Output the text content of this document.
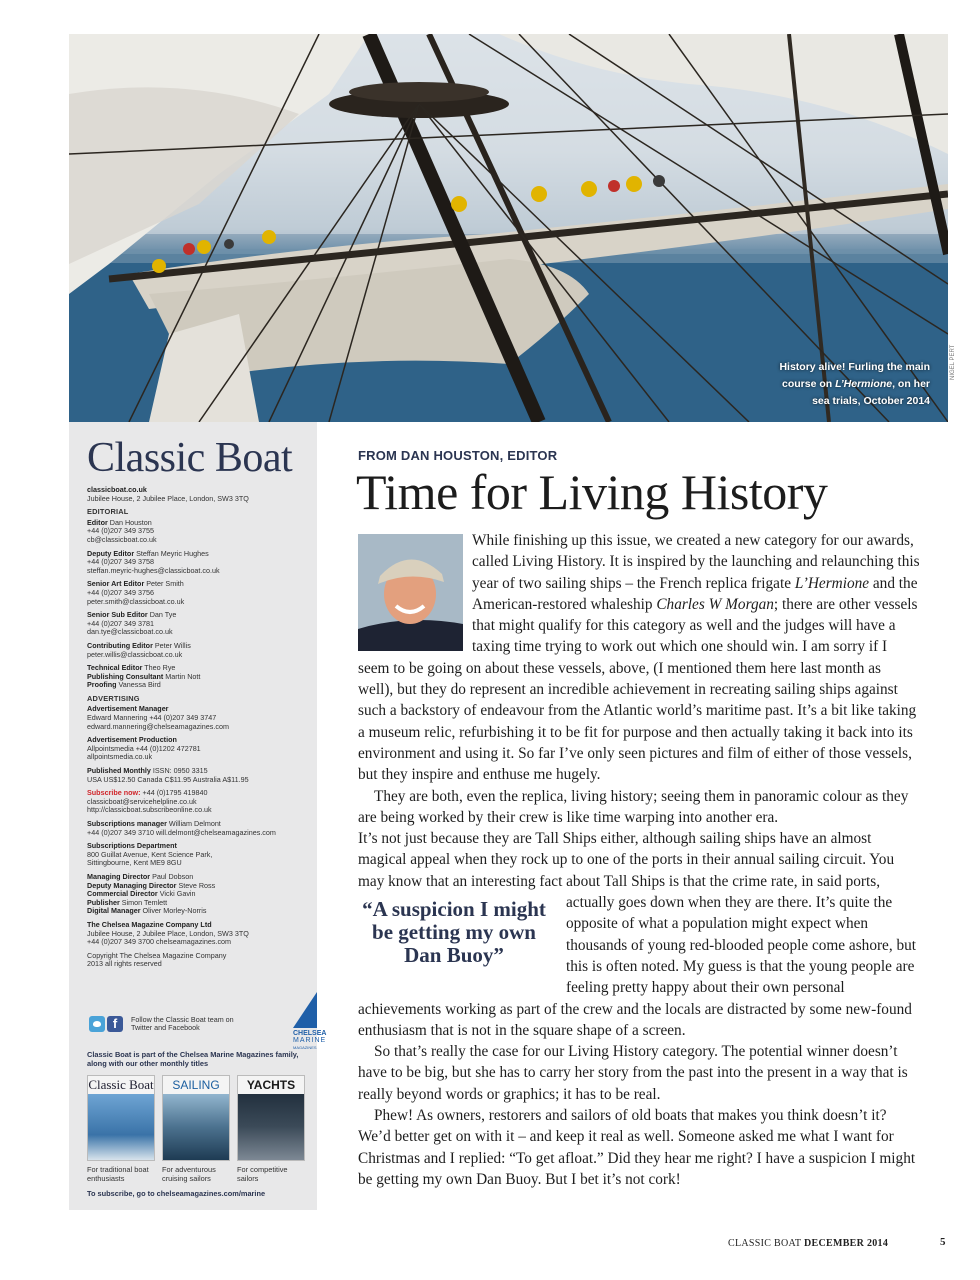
History alive! Furling the main
course on L’Hermione, on her
sea trials, October 2014
NIGEL PERT
Classic Boat
classicboat.co.uk
Jubilee House, 2 Jubilee Place, London, SW3 3TQ
EDITORIAL
Editor Dan Houston
+44 (0)207 349 3755
cb@classicboat.co.uk
Deputy Editor Steffan Meyric Hughes
+44 (0)207 349 3758
steffan.meyric-hughes@classicboat.co.uk
Senior Art Editor Peter Smith
+44 (0)207 349 3756
peter.smith@classicboat.co.uk
Senior Sub Editor Dan Tye
+44 (0)207 349 3781
dan.tye@classicboat.co.uk
Contributing Editor Peter Willis
peter.willis@classicboat.co.uk
Technical Editor Theo Rye
Publishing Consultant Martin Nott
Proofing Vanessa Bird
ADVERTISING
Advertisement Manager
Edward Mannering +44 (0)207 349 3747
edward.mannering@chelseamagazines.com
Advertisement Production
Allpointsmedia +44 (0)1202 472781
allpointsmedia.co.uk
Published Monthly ISSN: 0950 3315
USA US$12.50 Canada C$11.95 Australia A$11.95
Subscribe now: +44 (0)1795 419840
classicboat@servicehelpline.co.uk
http://classicboat.subscribeonline.co.uk
Subscriptions manager William Delmont
+44 (0)207 349 3710 will.delmont@chelseamagazines.com
Subscriptions Department
800 Guillat Avenue, Kent Science Park,
Sittingbourne, Kent ME9 8GU
Managing Director Paul Dobson
Deputy Managing Director Steve Ross
Commercial Director Vicki Gavin
Publisher Simon Temlett
Digital Manager Oliver Morley-Norris
The Chelsea Magazine Company Ltd
Jubilee House, 2 Jubilee Place, London, SW3 3TQ
+44 (0)207 349 3700 chelseamagazines.com
Copyright The Chelsea Magazine Company
2013 all rights reserved
f	Follow the Classic Boat team on Twitter and Facebook
CHELSEA
MARINE
MAGAZINES
Classic Boat is part of the Chelsea Marine Magazines family, along with our other monthly titles
Classic Boat	SAILING	YACHTS
For traditional boat enthusiasts
For adventurous cruising sailors
For competitive sailors
To subscribe, go to chelseamagazines.com/marine
FROM DAN HOUSTON, EDITOR
Time for Living History
“A suspicion I might be getting my own Dan Buoy”

While finishing up this issue, we created a new category for our awards, called Living History. It is inspired by the launching and relaunching this year of two sailing ships – the French replica frigate L’Hermione and the American-restored whaleship Charles W Morgan; there are other vessels that might qualify for this category as well and the judges will have a taxing time trying to work out which one should win. I am sorry if I seem to be going on about these vessels, above, (I mentioned them here last month as well), but they do represent an incredible achievement in recreating sailing ships against such a backstory of endeavour from the Atlantic world’s maritime past. It’s a bit like taking a museum relic, refurbishing it to be fit for purpose and then actually taking it back into its environment and using it. So far I’ve only seen pictures and film of either of those vessels, but they inspire and enthuse me hugely.

They are both, even the replica, living history; seeing them in panoramic colour as they are being worked by their crew is like time warping into another era.

It’s not just because they are Tall Ships either, although sailing ships have an almost magical appeal when they rock up to one of the ports in their annual sailing circuit. You may know that an interesting fact about Tall Ships is that the crime rate, in said ports, actually goes down when they are there. It’s quite the opposite of what a population might expect when thousands of young red-blooded people come ashore, but this is often noted. My guess is that the young people are feeling pretty happy about their own personal achievements working as part of the crew and the locals are distracted by some new-found enthusiasm that is not in the square shape of a screen.

So that’s really the case for our Living History category. The potential winner doesn’t have to be big, but she has to carry her story from the past into the present in a way that is really beyond words or graphics; it has to be real.

Phew! As owners, restorers and sailors of old boats that makes you think doesn’t it? We’d better get on with it – and keep it real as well. Someone asked me what I want for Christmas and I replied: “To get afloat.” Did they hear me right? I have a suspicion I might be getting my own Dan Buoy. But I bet it’s not cork!

CLASSIC BOAT DECEMBER 2014	5
